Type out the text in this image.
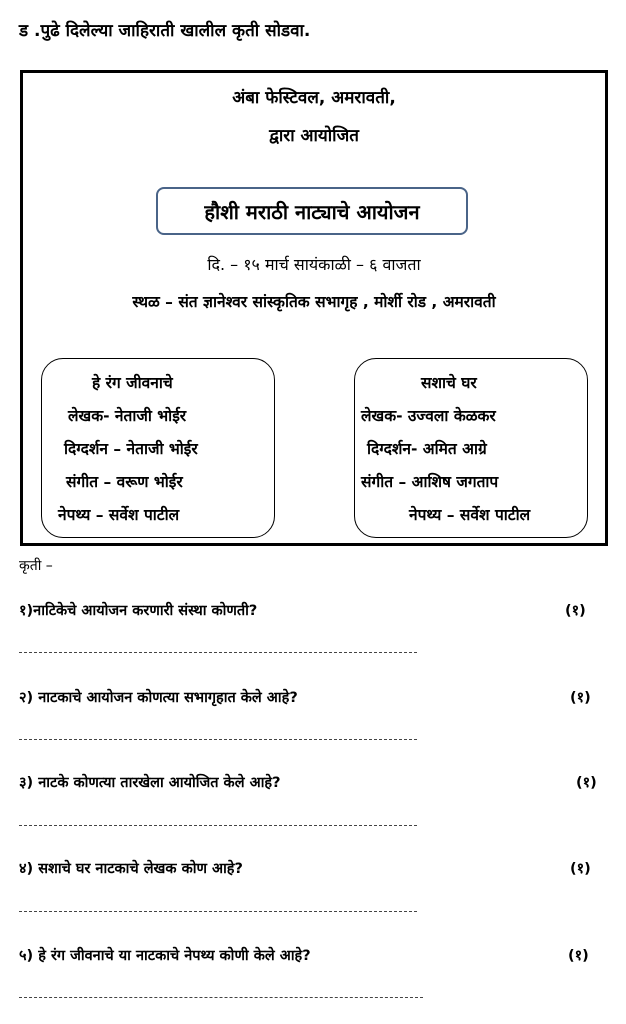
ड .पुढे दिलेल्या जाहिराती खालील कृती सोडवा.
अंबा फेस्टिवल, अमरावती,
द्वारा आयोजित
हौशी मराठी नाट्याचे आयोजन
दि. – १५ मार्च सायंकाळी – ६ वाजता
स्थळ – संत ज्ञानेश्वर सांस्कृतिक सभागृह , मोर्शी रोड , अमरावती
हे रंग जीवनाचे
लेखक- नेताजी भोईर
दिग्दर्शन – नेताजी भोईर
संगीत – वरूण भोईर
नेपथ्य – सर्वेश पाटील
सशाचे घर
लेखक- उज्वला केळकर
दिग्दर्शन- अमित आग्रे
संगीत – आशिष जगताप
नेपथ्य – सर्वेश पाटील
कृती –
१)नाटिकेचे आयोजन करणारी संस्था कोणती?	(१)
२) नाटकाचे आयोजन कोणत्या सभागृहात केले आहे?	(१)
३) नाटके कोणत्या तारखेला आयोजित केले आहे?	(१)
४) सशाचे घर नाटकाचे लेखक कोण आहे?	(१)
५) हे रंग जीवनाचे या नाटकाचे नेपथ्य कोणी केले आहे?	(१)
